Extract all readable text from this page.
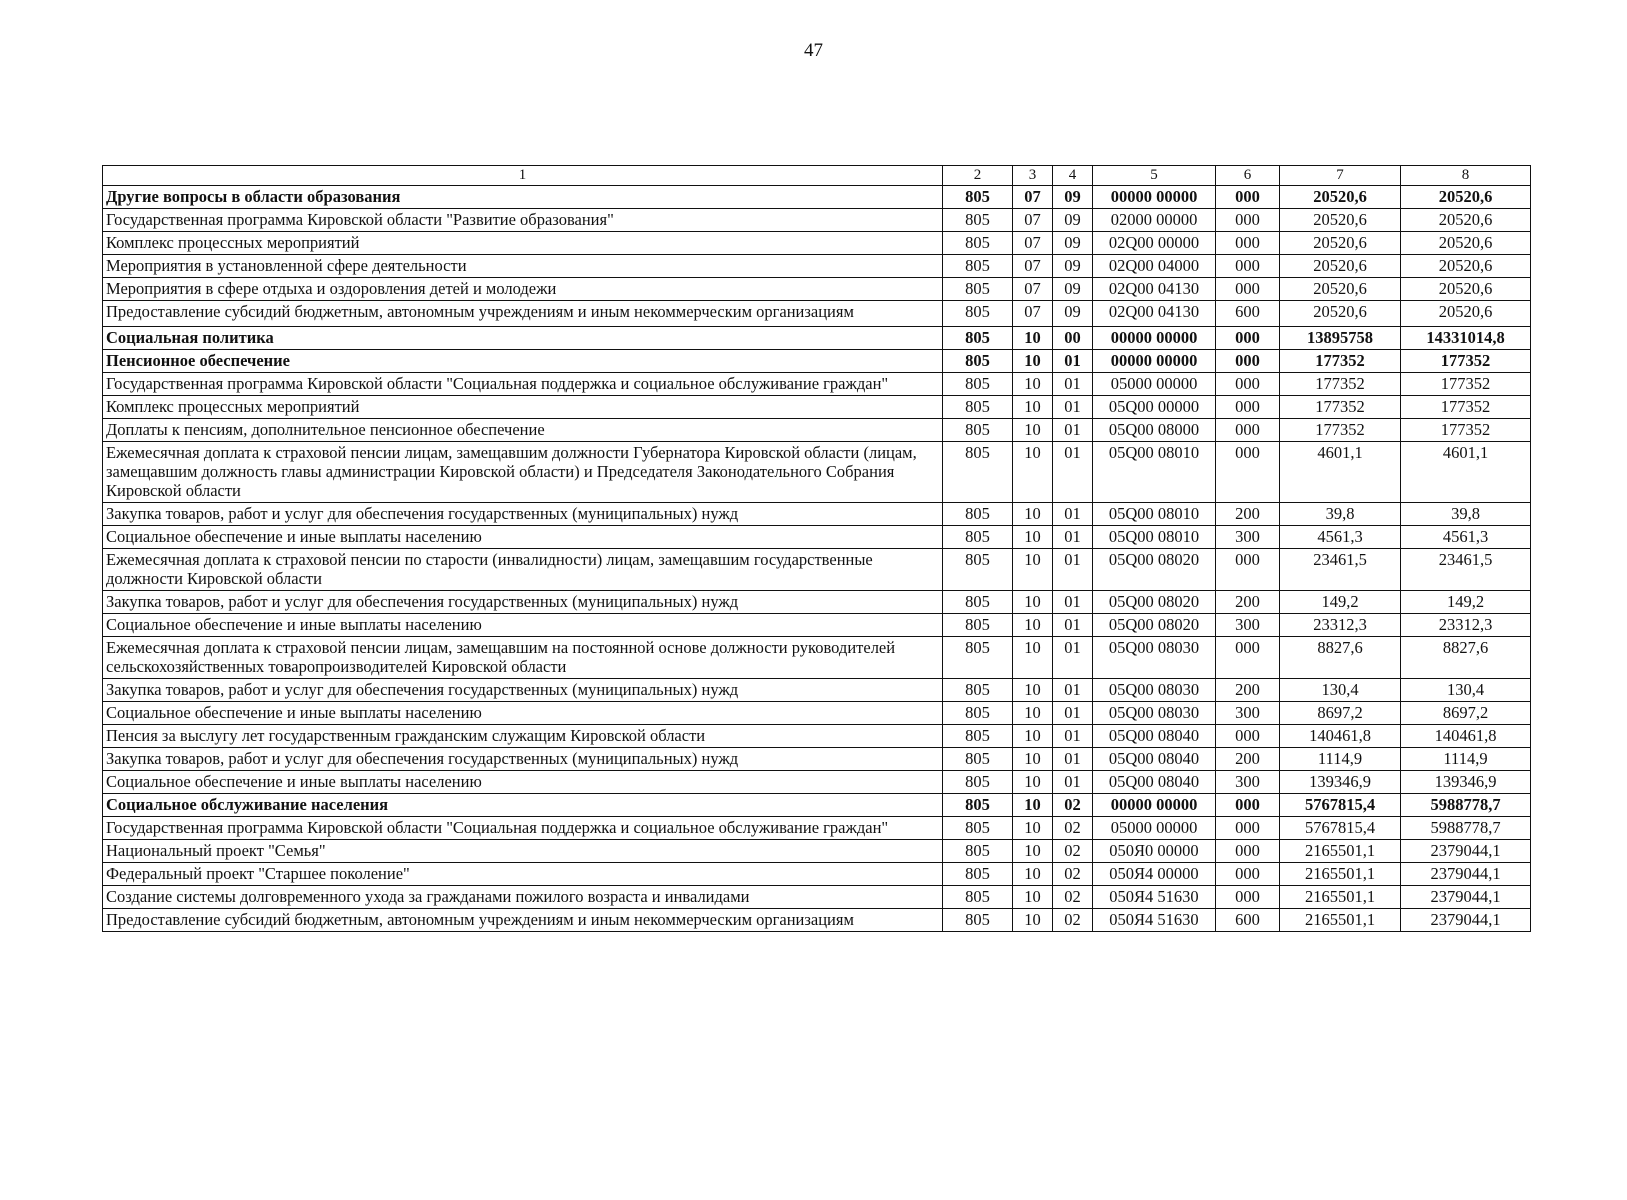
47
1	2	3	4	5	6	7	8
Другие вопросы в области образования	805	07	09	00000 00000	000	20520,6	20520,6
Государственная программа Кировской области "Развитие образования"	805	07	09	02000 00000	000	20520,6	20520,6
Комплекс процессных мероприятий	805	07	09	02Q00 00000	000	20520,6	20520,6
Мероприятия в установленной сфере деятельности	805	07	09	02Q00 04000	000	20520,6	20520,6
Мероприятия в сфере отдыха и оздоровления детей и молодежи	805	07	09	02Q00 04130	000	20520,6	20520,6
Предоставление субсидий бюджетным, автономным учреждениям и иным некоммерческим организациям	805	07	09	02Q00 04130	600	20520,6	20520,6
Социальная политика	805	10	00	00000 00000	000	13895758	14331014,8
Пенсионное обеспечение	805	10	01	00000 00000	000	177352	177352
Государственная программа Кировской области "Социальная поддержка и социальное обслуживание граждан"	805	10	01	05000 00000	000	177352	177352
Комплекс процессных мероприятий	805	10	01	05Q00 00000	000	177352	177352
Доплаты к пенсиям, дополнительное пенсионное обеспечение	805	10	01	05Q00 08000	000	177352	177352
Ежемесячная доплата к страховой пенсии лицам, замещавшим должности Губернатора Кировской области (лицам, замещавшим должность главы администрации Кировской области) и Председателя Законодательного Собрания Кировской области	805	10	01	05Q00 08010	000	4601,1	4601,1
Закупка товаров, работ и услуг для обеспечения государственных (муниципальных) нужд	805	10	01	05Q00 08010	200	39,8	39,8
Социальное обеспечение и иные выплаты населению	805	10	01	05Q00 08010	300	4561,3	4561,3
Ежемесячная доплата к страховой пенсии по старости (инвалидности) лицам, замещавшим государственные должности Кировской области	805	10	01	05Q00 08020	000	23461,5	23461,5
Закупка товаров, работ и услуг для обеспечения государственных (муниципальных) нужд	805	10	01	05Q00 08020	200	149,2	149,2
Социальное обеспечение и иные выплаты населению	805	10	01	05Q00 08020	300	23312,3	23312,3
Ежемесячная доплата к страховой пенсии лицам, замещавшим на постоянной основе должности руководителей сельскохозяйственных товаропроизводителей Кировской области	805	10	01	05Q00 08030	000	8827,6	8827,6
Закупка товаров, работ и услуг для обеспечения государственных (муниципальных) нужд	805	10	01	05Q00 08030	200	130,4	130,4
Социальное обеспечение и иные выплаты населению	805	10	01	05Q00 08030	300	8697,2	8697,2
Пенсия за выслугу лет государственным гражданским служащим Кировской области	805	10	01	05Q00 08040	000	140461,8	140461,8
Закупка товаров, работ и услуг для обеспечения государственных (муниципальных) нужд	805	10	01	05Q00 08040	200	1114,9	1114,9
Социальное обеспечение и иные выплаты населению	805	10	01	05Q00 08040	300	139346,9	139346,9
Социальное обслуживание населения	805	10	02	00000 00000	000	5767815,4	5988778,7
Государственная программа Кировской области "Социальная поддержка и социальное обслуживание граждан"	805	10	02	05000 00000	000	5767815,4	5988778,7
Национальный проект "Семья"	805	10	02	050Я0 00000	000	2165501,1	2379044,1
Федеральный проект "Старшее поколение"	805	10	02	050Я4 00000	000	2165501,1	2379044,1
Создание системы долговременного ухода за гражданами пожилого возраста и инвалидами	805	10	02	050Я4 51630	000	2165501,1	2379044,1
Предоставление субсидий бюджетным, автономным учреждениям и иным некоммерческим организациям	805	10	02	050Я4 51630	600	2165501,1	2379044,1
